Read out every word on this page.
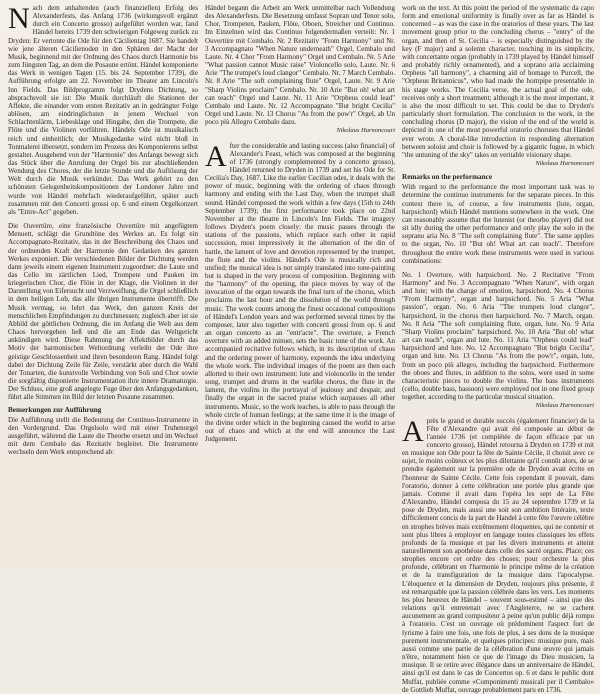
Nach dem anhaltenden (auch finanziellen) Erfolg des Alexanderfests, das Anfang 1736 (wirkungsvoll ergänzt durch ein Concerto grosso) aufgeführt worden war, fand Händel bereits 1739 den schwierigen Folgeweg zurück zu Dryden: Er vertonte die Ode für den Cäcilientag 1687. Sie handelt wie jene älteren Cäcilienoden in den Sphären der Macht der Musik, beginnend mit der Ordnung des Chaos durch Harmonie bis zum Jüngsten Tag, an dem die Posaune ertönt. Händel komponierte das Werk in wenigen Tagen (15. bis 24. September 1739), die Aufführung erfolgte am 22. November im Theater am Lincoln's Inn Fields. Das Bildprogramm folgt Drydens Dichtung, so absprachsvoll sie ist: Die Musik durchläuft die Stationen der Affekte, die einander vom ersten Rezitativ an in gedrängter Folge ablösen, am eindringlichsten in jenem Wechsel von Schlachtenlärm, Liebesklage und Hingabe, den die Trompete, die Flöte und die Violinen vorführen. Händels Ode ist musikalisch reich und einheitlich; der Musikgedanke wird nicht bloß in Tonmalerei übersetzt, sondern im Prozess des Komponierens selbst gestaltet. Ausgehend von der "Harmonie" des Anfangs bewegt sich das Stück über die Anrufung der Orgel bis zur abschließenden Wendung des Chores, der die letzte Stunde und die Auflösung der Welt durch die Musik verkündet. Das Werk gehört zu den schönsten Gelegenheitskompositionen der Londoner Jahre und wurde von Händel mehrfach wiederaufgeführt, später auch zusammen mit den Concerti grossi op. 6 und einem Orgelkonzert als "Entre-Act" gegeben.

Die Ouvertüre, eine französische Ouvertüre mit angefügtem Menuett, schlägt die Grundtöne des Werkes an. Es folgt ein Accompagnato-Rezitativ, das in der Beschreibung des Chaos und der ordnenden Kraft der Harmonie den Gedanken des ganzen Werkes exponiert. Die verschiedenen Bilder der Dichtung werden dann jeweils einem eigenen Instrument zugeordnet: die Laute und das Cello im zärtlichen Lied, Trompete und Pauken im kriegerischen Chor, die Flöte in der Klage, die Violinen in der Darstellung von Eifersucht und Verzweiflung, die Orgel schließlich in dem heiligen Lob, das alle übrigen Instrumente übertrifft. Die Musik vermag, so lehrt das Werk, den ganzen Kreis der menschlichen Empfindungen zu durchmessen; zugleich aber ist sie Abbild der göttlichen Ordnung, die im Anfang die Welt aus dem Chaos hervorgehen ließ und die am Ende das Weltgericht ankündigen wird. Diese Rahmung der Affektbilder durch das Motiv der harmonischen Weltordnung verleiht der Ode ihre geistige Geschlossenheit und ihren besonderen Rang. Händel folgt dabei der Dichtung Zeile für Zeile, verstärkt aber durch die Wahl der Tonarten, die kunstvolle Verbindung von Soli und Chor sowie die sorgfältig disponierte Instrumentation ihre innere Dramaturgie. Der Schluss, eine groß angelegte Fuge über den Anfangsgedanken, führt alle Stimmen im Bild der letzten Posaune zusammen.

Bemerkungen zur Aufführung

Die Aufführung stellt die Bedeutung der Continuo-Instrumente in den Vordergrund. Das Orgelsolo wird mit einer Truhenorgel ausgeführt, während die Laute die Theorbe ersetzt und im Wechsel mit dem Cembalo das Rezitativ begleitet. Die Instrumente wechseln dem Werk entsprechend ab:

Händel begann die Arbeit am Werk unmittelbar nach Vollendung des Alexanderfests. Die Besetzung umfasst Sopran und Tenor solo, Chor, Trompeten, Pauken, Flöte, Oboen, Streicher und Continuo. Im Einzelnen wird das Continuo folgendermaßen verteilt: Nr. 1 Ouvertüre mit Cembalo. Nr. 2 Rezitativ "From Harmony" und Nr. 3 Accompagnato "When Nature underneath" Orgel, Cembalo und Laute. Nr. 4 Chor "From Harmony" Orgel und Cembalo. Nr. 5 Arie "What passion cannot Music raise" Violoncello solo, Laute. Nr. 6 Arie "The trumpet's loud clangor" Cembalo. Nr. 7 March Cembalo. Nr. 8 Arie "The soft complaining flute" Orgel, Laute. Nr. 9 Arie "Sharp Violins proclaim" Cembalo. Nr. 10 Arie "But oh! what art can teach" Orgel und Laute. Nr. 11 Arie "Orpheus could lead" Cembalo und Laute. Nr. 12 Accompagnato "But bright Cecilia" Orgel und Laute. Nr. 13 Chorus "As from the pow'r" Orgel, ab Un poco più Allegro Cembalo dazu.

Nikolaus Harnoncourt

After the considerable and lasting success (also financial) of Alexander's Feast, which was composed at the beginning of 1736 (strongly complemented by a concerto grosso), Händel returned to Dryden in 1739 and set his Ode for St. Cecilia's Day, 1687. Like the earlier Cecilian odes, it deals with the power of music, beginning with the ordering of chaos through harmony and ending with the Last Day, when the trumpet shall sound. Händel composed the work within a few days (15th to 24th September 1739); the first performance took place on 22nd November at the theatre in Lincoln's Inn Fields. The imagery follows Dryden's poem closely: the music passes through the stations of the passions, which replace each other in rapid succession, most impressively in the alternation of the din of battle, the lament of love and devotion represented by the trumpet, the flute and the violins. Händel's Ode is musically rich and unified; the musical idea is not simply translated into tone-painting but is shaped in the very process of composition. Beginning with the "harmony" of the opening, the piece moves by way of the invocation of the organ towards the final turn of the chorus, which proclaims the last hour and the dissolution of the world through music. The work counts among the finest occasional compositions of Händel's London years and was performed several times by the composer, later also together with concerti grossi from op. 6 and an organ concerto as an "entr'acte". The overture, a French overture with an added minuet, sets the basic tone of the work. An accompanied recitative follows which, in its description of chaos and the ordering power of harmony, expounds the idea underlying the whole work. The individual images of the poem are then each allotted to their own instrument: lute and violoncello in the tender song, trumpet and drums in the warlike chorus, the flute in the lament, the violins in the portrayal of jealousy and despair, and finally the organ in the sacred praise which surpasses all other instruments. Music, so the work teaches, is able to pass through the whole circle of human feelings; at the same time it is the image of the divine order which in the beginning caused the world to arise out of chaos and which at the end will announce the Last Judgement.

work on the text. At this point the period of the systematic da capo form and emotional uniformity is finally over as far as Händel is concerned – as was the case in the oratorios of these years. The last movement group prior to the concluding chorus – "entry" of the organ, and then of St. Cecilia – is especially distinguished by the key (F major) and a solemn character, touching in its simplicity, with concertante organ (probably in 1739 played by Händel himself and probably richly ornamented), and a soprano aria acclaiming Orpheus "all harmony", a charming aid of homage to Purcell, the "Orpheus Britannicus", who had made the hornpipe presentable in his stage works. The Cecilia verse, the actual goal of the ode, receives only a short treatment; although it is the most important, it is also the most difficult to set. This could be due to Dryden's particularly short formulation. The conclusion to the work, in the concluding chorus (D major), the vision of the end of the world is depicted in one of the most powerful oratorio choruses that Händel ever wrote. A choral-like introduction in responding alternation between soloist and choir is followed by a gigantic fugue, in which "the untuning of the sky" takes on veritable visionary shape.

Nikolaus Harnoncourt

Remarks on the performance

With regard to the performance the most important task was to determine the continuo instruments for the separate pieces. In this context there is, of course, a few instruments (lute, organ, harpsichord) which Händel mentions somewhere in the work. One can reasonably assume that the lutenist (or theorbo player) did not sit idly during the other performance and only play the solo in the soprano aria No. 8 "The soft complaining flute". The same applies to the organ, No. 10 "But oh! What art can teach". Therefore throughout the entire work these instruments were used in various combinations:

No. 1 Overture, with harpsichord. No. 2 Recitative "From Harmony" and No. 3 Accompagnato "When Nature", with organ and lute; with the change of emotion, harpsichord. No. 4 Chorus "From Harmony", organ and harpsichord. No. 5 Aria "What passion", organ. No. 6 Aria "The trumpets loud clangor", harpsichord, in the chorus then harpsichord. No. 7 March, organ. No. 8 Aria "The soft complaining flute, organ, lute. No. 9 Aria "Sharp Violins proclaim" harpsichord. No. 10 Aria "But oh! what art can teach", organ and lute. No. 11 Aria "Orpheus could lead" harpsichord and lute. No. 12 Accompagnato "But bright Cecilia", organ and lute. No. 13 Chorus "As from the pow'r", organ, lute, from un poco più allegro, including the harpsichord. Furthermore the oboes and flutes, in addition to the solos, were used in some characteristic pieces to double the violins. The bass instruments (cello, double bass, bassoon) were employed not in one fixed group together, according to the particular musical situation.

Nikolaus Harnoncourt

Après le grand et durable succès (également financier) de la Fête d'Alexandre qui avait été composée au début de l'année 1736 (et complétée de façon efficace par un concerto grosso), Händel retourna à Dryden en 1739 et mit en musique son Ode pour la fête de Sainte Cécile, il choisit avec ce sujet, le moins coûteux et les plus dilettante qu'il connût alors, de se prendre également sur la première ode de Dryden avait écrite en l'honneur de Sainte Cécile. Cette fois cependant il pouvait, dans l'oratorio, donner à cette célébration une portée plus grande que jamais. Comme il avait dans l'opéra les sept de La Fête d'Alexandre, Händel composa du 15 au 24 septembre 1739 et la pose de Dryden, mais aussi une soit son ambition littéraire, texte difficilement concis de la part de Handel à cette fête l'œuvre célèbre en strophes brèves mais extrêmement éloquentes, qui ne contenir et sont plus libres à employer en langage toutes classiques les effets profonds de la musique et par les divers instruments et atteint naturellement son apothéose dans celle des sacré organs. Place; ces strophes encore cet ordre des choses; pour orchestre la plus profonde, célébrant en l'harmonie le principe même de la création et de la transfiguration de la musique dans l'apocalypse. L'éloquence et la dimension de Dryden, toujours plus présente, il est remarquable que la passion célébrée dans les vers. Les moments les plus heureux de Händel – souvent sous-estimé – ainsi que des relations qu'il entretenait avec l'Angleterre, ne se cachent aucunement au grand compositeur à peine qu'un public déjà rompu à l'oratorio. C'est un ouvrage où prédominent l'aspect fort de lyrisme à faire une fois, une fois de plus, à ses dons de la musique purement instrumentale, et quelques principes: musique pure, mais aussi comme une partie de la célébration d'une œuvre qui jamais n'être, notamment bien ce que de l'image du Dieu musicien, la musique. Il se retire avec élégance dans un anniversaire de Händel, ainsi qu'il est dans le cas de Concertos op. 6 et dans le public dont Muffat, publiée comme «Componimenti musicali per il Cembalo» de Gottlieb Muffat, ouvrage probablement paru en 1736.
